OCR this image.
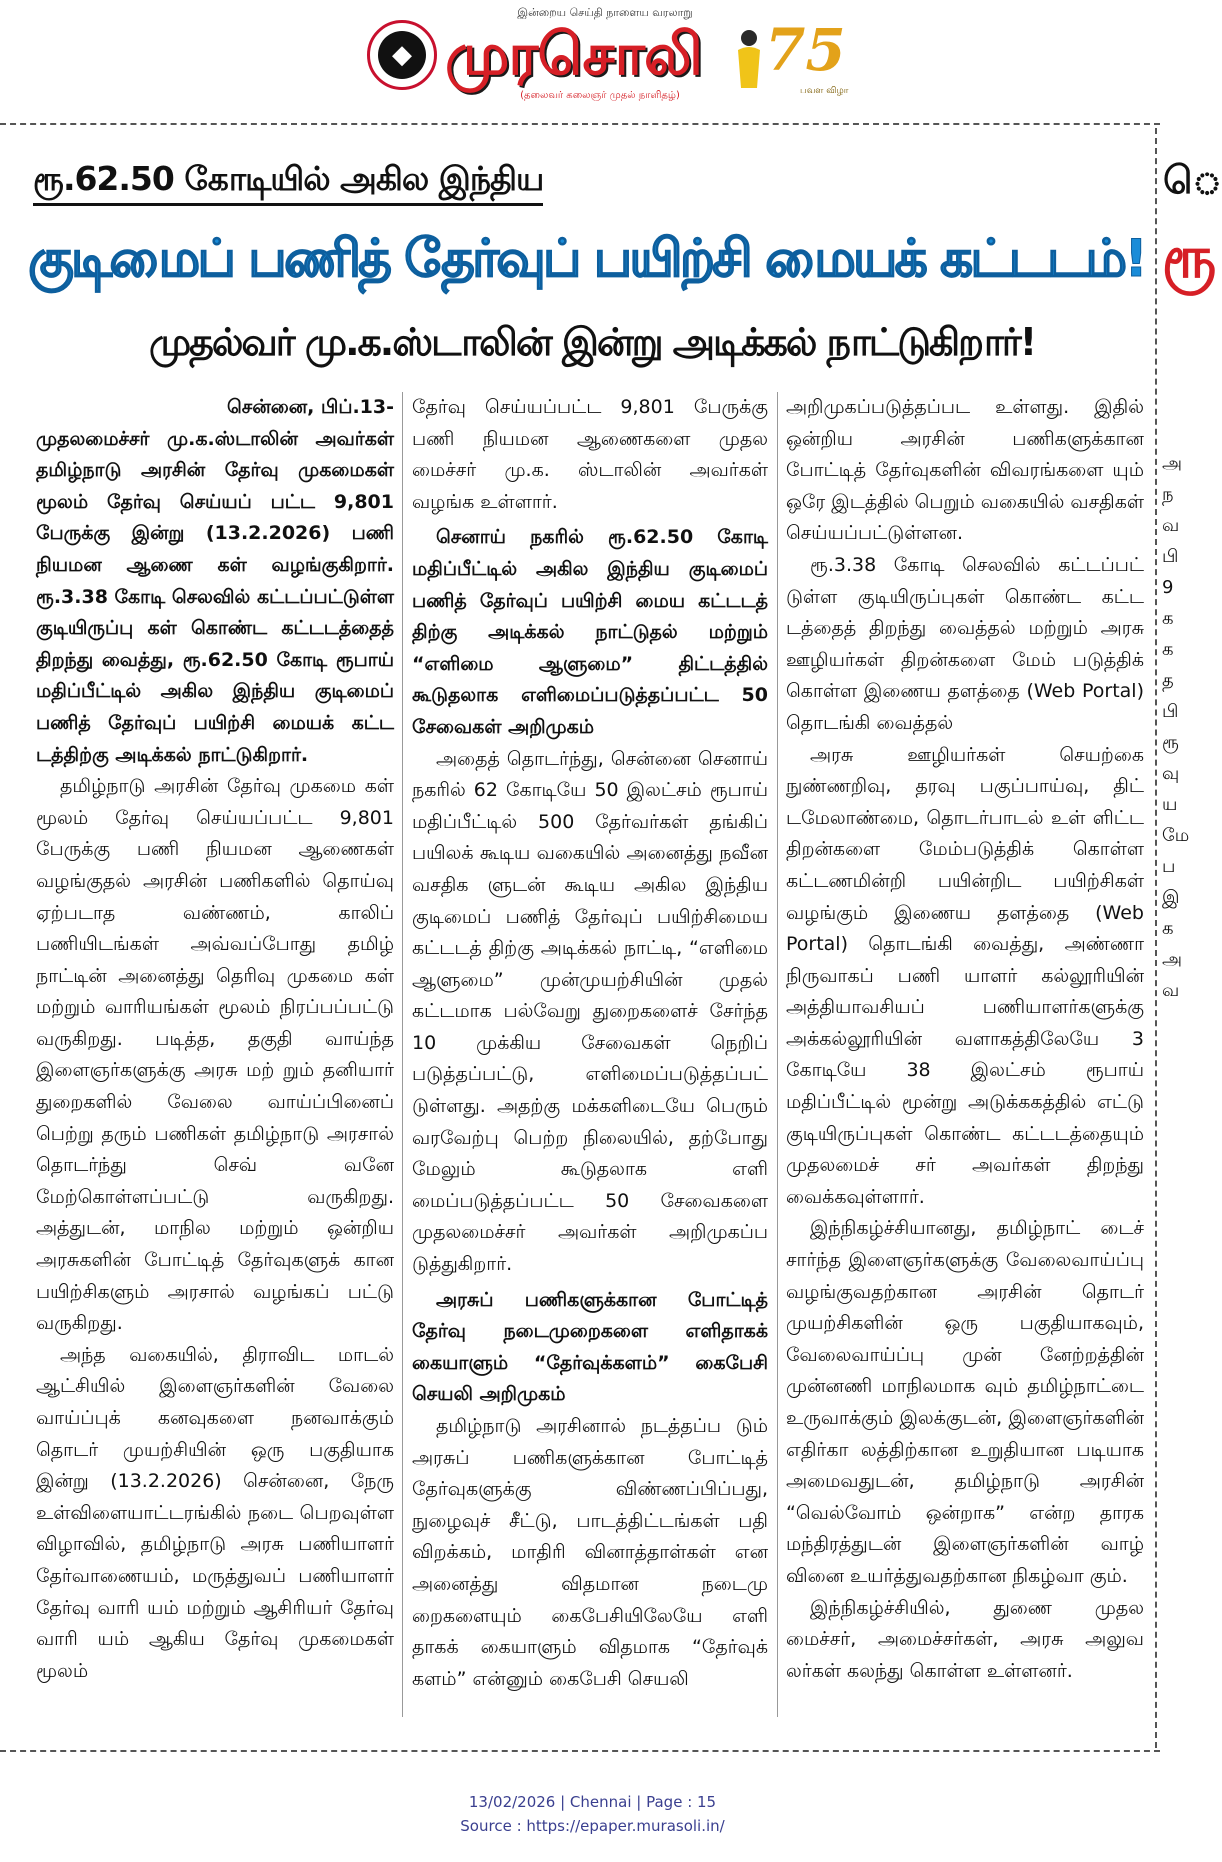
◆
இன்றைய செய்தி நாளைய வரலாறு
முரசொலி
(தலைவர் கலைஞர் முதல் நாளிதழ்)
75
பவள விழா
ரூ.62.50 கோடியில் அகில இந்திய
குடிமைப் பணித் தேர்வுப் பயிற்சி மையக் கட்டடம்!
முதல்வர் மு.க.ஸ்டாலின் இன்று அடிக்கல் நாட்டுகிறார்!

சென்னை, பிப்.13-

முதலமைச்சர் மு.க.ஸ்டாலின் அவர்கள் தமிழ்நாடு அரசின் தேர்வு முகமைகள் மூலம் தேர்வு செய்யப் பட்ட 9,801 பேருக்கு இன்று (13.2.2026) பணி நியமன ஆணை கள் வழங்குகிறார். ரூ.3.38 கோடி செலவில் கட்டப்பட்டுள்ள குடியிருப்பு கள் கொண்ட கட்டடத்தைத் திறந்து வைத்து, ரூ.62.50 கோடி ரூபாய் மதிப்பீட்டில் அகில இந்திய குடிமைப் பணித் தேர்வுப் பயிற்சி மையக் கட்ட டத்திற்கு அடிக்கல் நாட்டுகிறார்.

தமிழ்நாடு அரசின் தேர்வு முகமை கள் மூலம் தேர்வு செய்யப்பட்ட 9,801 பேருக்கு பணி நியமன ஆணைகள் வழங்குதல் அரசின் பணிகளில் தொய்வு ஏற்படாத வண்ணம், காலிப் பணியிடங்கள் அவ்வப்போது தமிழ் நாட்டின் அனைத்து தெரிவு முகமை கள் மற்றும் வாரியங்கள் மூலம் நிரப்பப்பட்டு வருகிறது. படித்த, தகுதி வாய்ந்த இளைஞர்களுக்கு அரசு மற் றும் தனியார் துறைகளில் வேலை வாய்ப்பினைப் பெற்று தரும் பணிகள் தமிழ்நாடு அரசால் தொடர்ந்து செவ் வனே மேற்கொள்ளப்பட்டு வருகிறது. அத்துடன், மாநில மற்றும் ஒன்றிய அரசுகளின் போட்டித் தேர்வுகளுக் கான பயிற்சிகளும் அரசால் வழங்கப் பட்டு வருகிறது.

அந்த வகையில், திராவிட மாடல் ஆட்சியில் இளைஞர்களின் வேலை வாய்ப்புக் கனவுகளை நனவாக்கும் தொடர் முயற்சியின் ஒரு பகுதியாக இன்று (13.2.2026) சென்னை, நேரு உள்விளையாட்டரங்கில் நடை பெறவுள்ள விழாவில், தமிழ்நாடு அரசு பணியாளர் தேர்வாணையம், மருத்துவப் பணியாளர் தேர்வு வாரி யம் மற்றும் ஆசிரியர் தேர்வு வாரி யம் ஆகிய தேர்வு முகமைகள் மூலம்

தேர்வு செய்யப்பட்ட 9,801 பேருக்கு பணி நியமன ஆணைகளை முதல மைச்சர் மு.க. ஸ்டாலின் அவர்கள் வழங்க உள்ளார்.

செனாய் நகரில் ரூ.62.50 கோடி மதிப்பீட்டில் அகில இந்திய குடிமைப் பணித் தேர்வுப் பயிற்சி மைய கட்டடத் திற்கு அடிக்கல் நாட்டுதல் மற்றும் “எளிமை ஆளுமை” திட்டத்தில் கூடுதலாக எளிமைப்படுத்தப்பட்ட 50 சேவைகள் அறிமுகம்

அதைத் தொடர்ந்து, சென்னை செனாய் நகரில் 62 கோடியே 50 இலட்சம் ரூபாய் மதிப்பீட்டில் 500 தேர்வர்கள் தங்கிப் பயிலக் கூடிய வகையில் அனைத்து நவீன வசதிக ளுடன் கூடிய அகில இந்திய குடிமைப் பணித் தேர்வுப் பயிற்சிமைய கட்டடத் திற்கு அடிக்கல் நாட்டி, “எளிமை ஆளுமை” முன்முயற்சியின் முதல் கட்டமாக பல்வேறு துறைகளைச் சேர்ந்த 10 முக்கிய சேவைகள் நெறிப் படுத்தப்பட்டு, எளிமைப்படுத்தப்பட் டுள்ளது. அதற்கு மக்களிடையே பெரும் வரவேற்பு பெற்ற நிலையில், தற்போது மேலும் கூடுதலாக எளி மைப்படுத்தப்பட்ட 50 சேவைகளை முதலமைச்சர் அவர்கள் அறிமுகப்ப டுத்துகிறார்.

அரசுப் பணிகளுக்கான போட்டித் தேர்வு நடைமுறைகளை எளிதாகக் கையாளும் “தேர்வுக்களம்” கைபேசி செயலி அறிமுகம்

தமிழ்நாடு அரசினால் நடத்தப்ப டும் அரசுப் பணிகளுக்கான போட்டித் தேர்வுகளுக்கு விண்ணப்பிப்பது, நுழைவுச் சீட்டு, பாடத்திட்டங்கள் பதி விறக்கம், மாதிரி வினாத்தாள்கள் என அனைத்து விதமான நடைமு றைகளையும் கைபேசியிலேயே எளி தாகக் கையாளும் விதமாக “தேர்வுக் களம்” என்னும் கைபேசி செயலி

அறிமுகப்படுத்தப்பட உள்ளது. இதில் ஒன்றிய அரசின் பணிகளுக்கான போட்டித் தேர்வுகளின் விவரங்களை யும் ஒரே இடத்தில் பெறும் வகையில் வசதிகள் செய்யப்பட்டுள்ளன.

ரூ.3.38 கோடி செலவில் கட்டப்பட் டுள்ள குடியிருப்புகள் கொண்ட கட்ட டத்தைத் திறந்து வைத்தல் மற்றும் அரசு ஊழியர்கள் திறன்களை மேம் படுத்திக் கொள்ள இணைய தளத்தை (Web Portal) தொடங்கி வைத்தல்

அரசு ஊழியர்கள் செயற்கை நுண்ணறிவு, தரவு பகுப்பாய்வு, திட் டமேலாண்மை, தொடர்பாடல் உள் ளிட்ட திறன்களை மேம்படுத்திக் கொள்ள கட்டணமின்றி பயின்றிட பயிற்சிகள் வழங்கும் இணைய தளத்தை (Web Portal) தொடங்கி வைத்து, அண்ணா நிருவாகப் பணி யாளர் கல்லூரியின் அத்தியாவசியப் பணியாளர்களுக்கு அக்கல்லூரியின் வளாகத்திலேயே 3 கோடியே 38 இலட்சம் ரூபாய் மதிப்பீட்டில் மூன்று அடுக்ககத்தில் எட்டு குடியிருப்புகள் கொண்ட கட்டடத்தையும் முதலமைச் சர் அவர்கள் திறந்து வைக்கவுள்ளார்.

இந்நிகழ்ச்சியானது, தமிழ்நாட் டைச் சார்ந்த இளைஞர்களுக்கு வேலைவாய்ப்பு வழங்குவதற்கான அரசின் தொடர் முயற்சிகளின் ஒரு பகுதியாகவும், வேலைவாய்ப்பு முன் னேற்றத்தின் முன்னணி மாநிலமாக வும் தமிழ்நாட்டை உருவாக்கும் இலக்குடன், இளைஞர்களின் எதிர்கா லத்திற்கான உறுதியான படியாக அமைவதுடன், தமிழ்நாடு அரசின் “வெல்வோம் ஒன்றாக” என்ற தாரக மந்திரத்துடன் இளைஞர்களின் வாழ் வினை உயர்த்துவதற்கான நிகழ்வா கும்.

இந்நிகழ்ச்சியில், துணை முதல மைச்சர், அமைச்சர்கள், அரசு அலுவ லர்கள் கலந்து கொள்ள உள்ளனர்.

ெ
ரூ
அ
ந
வ
பி
9
க
க
த
பி
ரூ
வு
ய
மே
ப
இ
க
அ
வ
13/02/2026 | Chennai | Page : 15
Source : https://epaper.murasoli.in/
